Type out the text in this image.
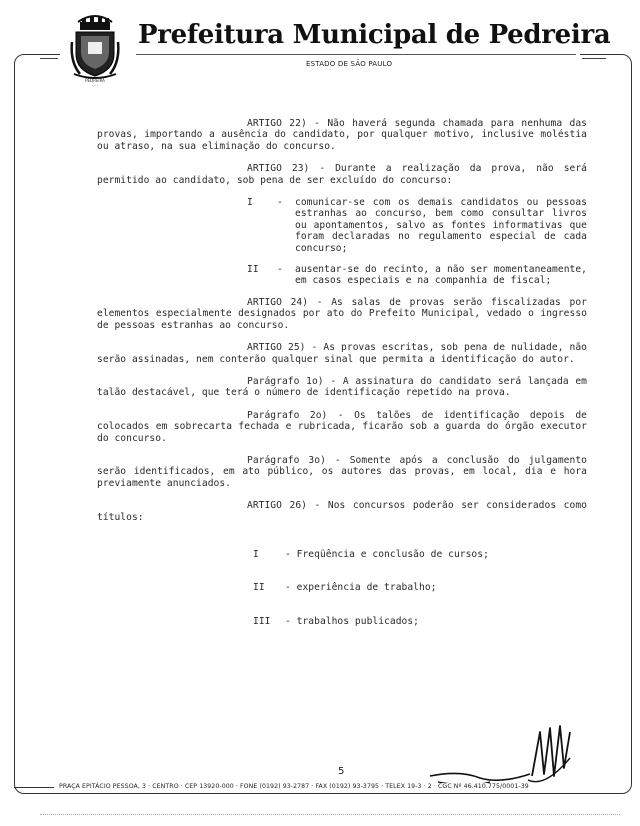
PEDREIRA
· · ·
Prefeitura Municipal de Pedreira
ESTADO DE SÃO PAULO

ARTIGO 22) - Não haverá segunda chamada para nenhuma das provas, importando a ausência do candidato, por qualquer motivo, inclusive moléstia ou atraso, na sua eliminação do concurso.

ARTIGO 23) - Durante a realização da prova, não será permitido ao candidato, sob pena de ser excluído do concurso:

I	-	comunicar-se com os demais candidatos ou pessoas estranhas ao concurso, bem como consultar livros ou apontamentos, salvo as fontes informativas que foram declaradas no regulamento especial de cada concurso;
II	-	ausentar-se do recinto, a não ser momentaneamente, em casos especiais e na companhia de fiscal;

ARTIGO 24) - As salas de provas serão fiscalizadas por elementos especialmente designados por ato do Prefeito Municipal, vedado o ingresso de pessoas estranhas ao concurso.

ARTIGO 25) - As provas escritas, sob pena de nulidade, não serão assinadas, nem conterão qualquer sinal que permita a identificação do autor.

Parágrafo 1o) - A assinatura do candidato será lançada em talão destacável, que terá o número de identificação repetido na prova.

Parágrafo 2o) - Os talões de identificação depois de colocados em sobrecarta fechada e rubricada, ficarão sob a guarda do órgão executor do concurso.

Parágrafo 3o) - Somente após a conclusão do julgamento serão identificados, em ato público, os autores das provas, em local, dia e hora previamente anunciados.

ARTIGO 26) - Nos concursos poderão ser considerados como títulos:

I	- Freqüência e conclusão de cursos;
II	- experiência de trabalho;
III	- trabalhos publicados;
5
PRAÇA EPITÁCIO PESSOA, 3 · CENTRO · CEP 13920-000 · FONE (0192) 93-2787 · FAX (0192) 93-3795 · TELEX 19-3 · 2 · CGC Nº 46.410.775/0001-39
